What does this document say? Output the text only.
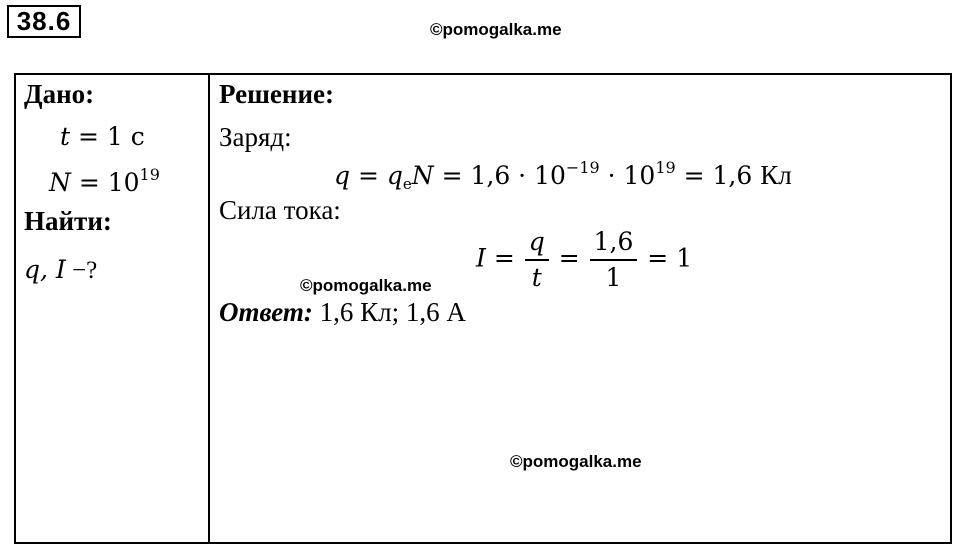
38.6	©pomogalka.me
Дано:
t = 1 с
$N = 10^{19}$
Найти:
q, I −?
Решение:
Заряд:
$q = q_eN = 1,6 \cdot 10^{-19} \cdot 10^{19} = 1,6$ Кл
Сила тока:
$I = \frac{q}{t} = \frac{1,6}{1} = 1$
Ответ: 1,6 Кл; 1,6 А
©pomogalka.me
©pomogalka.me
